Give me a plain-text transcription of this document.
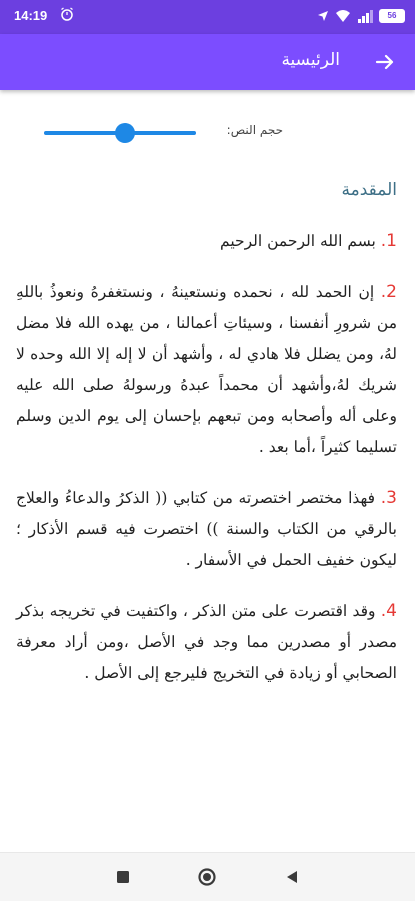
14:19	56
الرئيسية
حجم النص:
المقدمة

1. بسم الله الرحمن الرحيم

2. إن الحمد لله ، نحمده ونستعينهُ ، ونستغفرهُ ونعوذُ باللهِ من شرورِ أنفسنا ، وسيئاتِ أعمالنا ، من يهده الله فلا مضل لهُ، ومن يضلل فلا هادي له ، وأشهد أن لا إله إلا الله وحده لا شريك لهُ،وأشهد أن محمداً عبدهُ ورسولهُ صلى الله عليه وعلى أله وأصحابه ومن تبعهم بإحسان إلى يوم الدين وسلم تسليما كثيراً ،أما بعد .

3. فهذا مختصر اختصرته من كتابي (( الذكرُ والدعاءُ والعلاج بالرقي من الكتاب والسنة )) اختصرت فيه قسم الأذكار ؛ ليكون خفيف الحمل في الأسفار .

4. وقد اقتصرت على متن الذكر ، واكتفيت في تخريجه بذكر مصدر أو مصدرين مما وجد في الأصل ،ومن أراد معرفة الصحابي أو زيادة في التخريج فليرجع إلى الأصل .
